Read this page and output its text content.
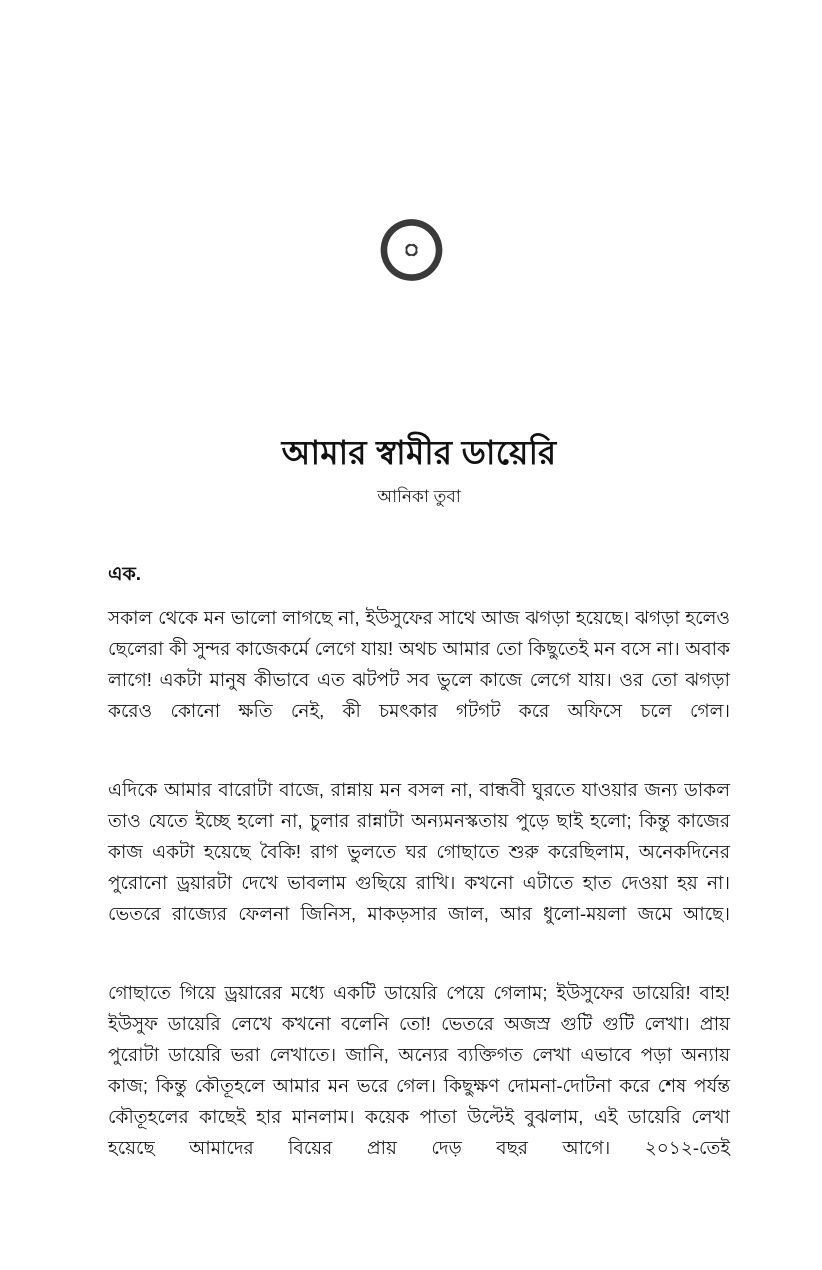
আমার স্বামীর ডায়েরি

আনিকা তুবা

এক.

সকাল থেকে মন ভালো লাগছে না, ইউসুফের সাথে আজ ঝগড়া হয়েছে। ঝগড়া হলেও ছেলেরা কী সুন্দর কাজেকর্মে লেগে যায়! অথচ আমার তো কিছুতেই মন বসে না। অবাক লাগে! একটা মানুষ কীভাবে এত ঝটপট সব ভুলে কাজে লেগে যায়। ওর তো ঝগড়া করেও কোনো ক্ষতি নেই, কী চমৎকার গটগট করে অফিসে চলে গেল।

এদিকে আমার বারোটা বাজে, রান্নায় মন বসল না, বান্ধবী ঘুরতে যাওয়ার জন্য ডাকল তাও যেতে ইচ্ছে হলো না, চুলার রান্নাটা অন্যমনস্কতায় পুড়ে ছাই হলো; কিন্তু কাজের কাজ একটা হয়েছে বৈকি! রাগ ভুলতে ঘর গোছাতে শুরু করেছিলাম, অনেকদিনের পুরোনো ড্রয়ারটা দেখে ভাবলাম গুছিয়ে রাখি। কখনো এটাতে হাত দেওয়া হয় না। ভেতরে রাজ্যের ফেলনা জিনিস, মাকড়সার জাল, আর ধুলো-ময়লা জমে আছে।

গোছাতে গিয়ে ড্রয়ারের মধ্যে একটি ডায়েরি পেয়ে গেলাম; ইউসুফের ডায়েরি! বাহ! ইউসুফ ডায়েরি লেখে কখনো বলেনি তো! ভেতরে অজস্র গুটি গুটি লেখা। প্রায় পুরোটা ডায়েরি ভরা লেখাতে। জানি, অন্যের ব্যক্তিগত লেখা এভাবে পড়া অন্যায় কাজ; কিন্তু কৌতূহলে আমার মন ভরে গেল। কিছুক্ষণ দোমনা-দোটনা করে শেষ পর্যন্ত কৌতূহলের কাছেই হার মানলাম। কয়েক পাতা উল্টেই বুঝলাম, এই ডায়েরি লেখা হয়েছে আমাদের বিয়ের প্রায় দেড় বছর আগে। ২০১২-তেই
